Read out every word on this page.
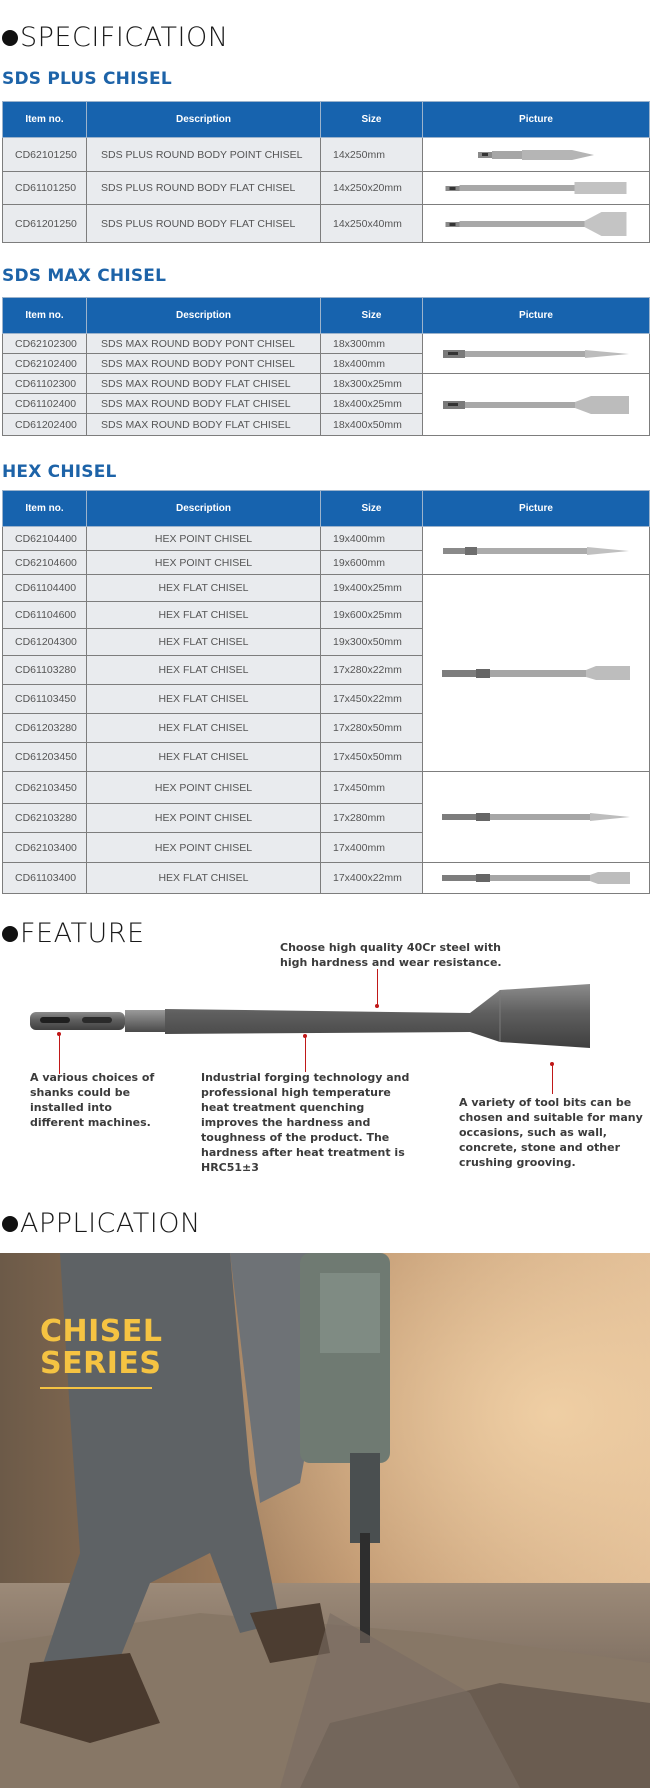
SPECIFICATION
SDS PLUS CHISEL
Item no.	Description	Size	Picture
CD62101250	SDS PLUS ROUND BODY POINT CHISEL	14x250mm	

CD61101250	SDS PLUS ROUND BODY FLAT CHISEL	14x250x20mm	

CD61201250	SDS PLUS ROUND BODY FLAT CHISEL	14x250x40mm	
SDS MAX CHISEL
Item no.	Description	Size	Picture
CD62102300	SDS MAX ROUND BODY PONT CHISEL	18x300mm	

CD62102400	SDS MAX ROUND BODY PONT CHISEL	18x400mm	
CD61102300	SDS MAX ROUND BODY FLAT CHISEL	18x300x25mm	

CD61102400	SDS MAX ROUND BODY FLAT CHISEL	18x400x25mm	
CD61202400	SDS MAX ROUND BODY FLAT CHISEL	18x400x50mm	
HEX CHISEL
Item no.	Description	Size	Picture
CD62104400	HEX POINT CHISEL	19x400mm	

CD62104600	HEX POINT CHISEL	19x600mm	
CD61104400	HEX FLAT CHISEL	19x400x25mm	

CD61104600	HEX FLAT CHISEL	19x600x25mm	
CD61204300	HEX FLAT CHISEL	19x300x50mm	
CD61103280	HEX FLAT CHISEL	17x280x22mm	
CD61103450	HEX FLAT CHISEL	17x450x22mm	
CD61203280	HEX FLAT CHISEL	17x280x50mm	
CD61203450	HEX FLAT CHISEL	17x450x50mm	
CD62103450	HEX POINT CHISEL	17x450mm	

CD62103280	HEX POINT CHISEL	17x280mm	
CD62103400	HEX POINT CHISEL	17x400mm	
CD61103400	HEX FLAT CHISEL	17x400x22mm	
FEATURE	Choose high quality 40Cr steel with high hardness and wear resistance.
A various choices of shanks could be installed into different machines.
Industrial forging technology and professional high temperature heat treatment quenching improves the hardness and toughness of the product. The hardness after heat treatment is HRC51±3
A variety of tool bits can be chosen and suitable for many occasions, such as wall, concrete, stone and other crushing grooving.
APPLICATION
CHISEL
SERIES
